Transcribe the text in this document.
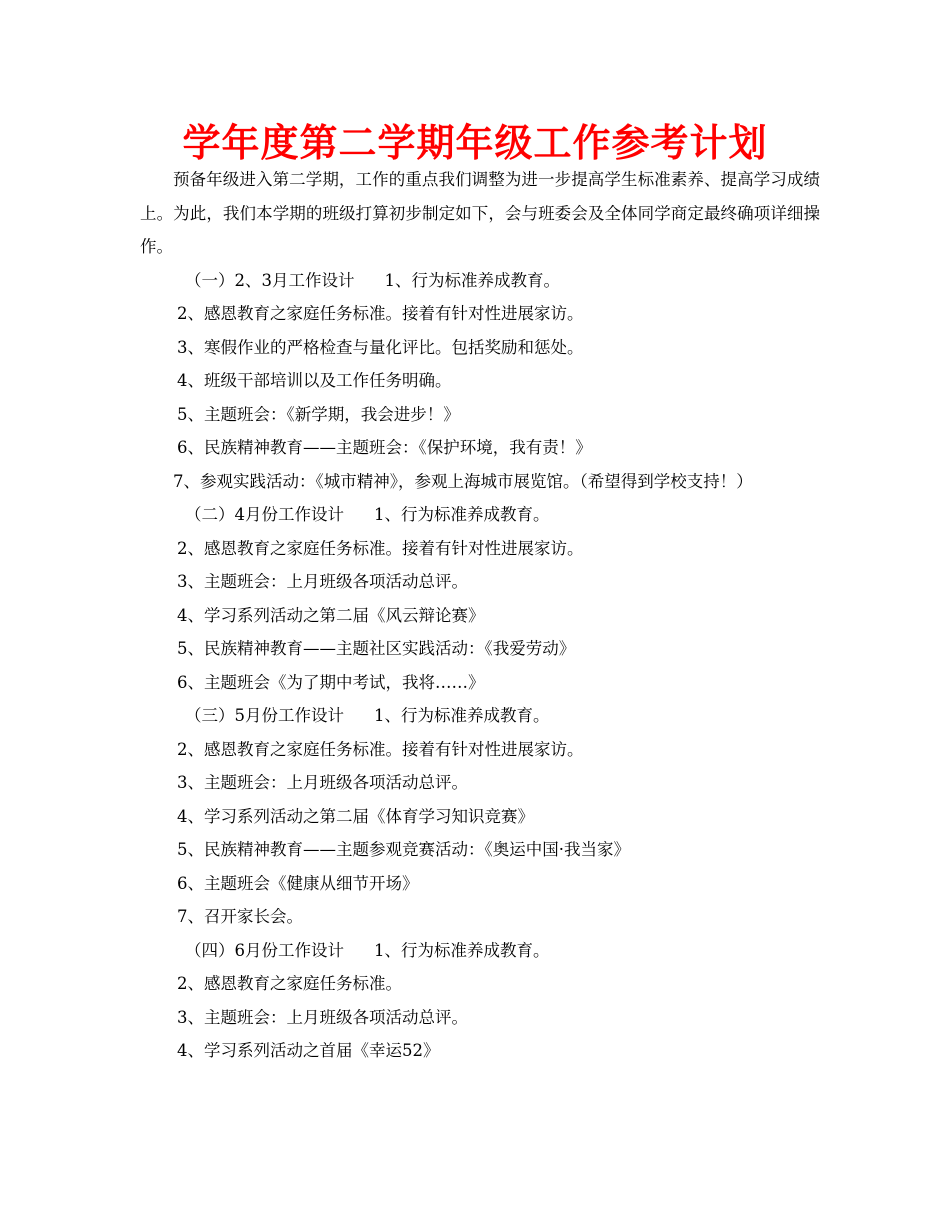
学年度第二学期年级工作参考计划

预备年级进入第二学期，工作的重点我们调整为进一步提高学生标准素养、提高学习成绩上。为此，我们本学期的班级打算初步制定如下，会与班委会及全体同学商定最终确项详细操作。

（一）2、3月工作设计 1、行为标准养成教育。

2、感恩教育之家庭任务标准。接着有针对性进展家访。

3、寒假作业的严格检查与量化评比。包括奖励和惩处。

4、班级干部培训以及工作任务明确。

5、主题班会：《新学期，我会进步！》

6、民族精神教育——主题班会：《保护环境，我有责！》

7、参观实践活动：《城市精神》，参观上海城市展览馆。（希望得到学校支持！）

（二）4月份工作设计 1、行为标准养成教育。

2、感恩教育之家庭任务标准。接着有针对性进展家访。

3、主题班会：上月班级各项活动总评。

4、学习系列活动之第二届《风云辩论赛》

5、民族精神教育——主题社区实践活动：《我爱劳动》

6、主题班会《为了期中考试，我将……》

（三）5月份工作设计 1、行为标准养成教育。

2、感恩教育之家庭任务标准。接着有针对性进展家访。

3、主题班会：上月班级各项活动总评。

4、学习系列活动之第二届《体育学习知识竞赛》

5、民族精神教育——主题参观竞赛活动：《奥运中国·我当家》

6、主题班会《健康从细节开场》

7、召开家长会。

（四）6月份工作设计 1、行为标准养成教育。

2、感恩教育之家庭任务标准。

3、主题班会：上月班级各项活动总评。

4、学习系列活动之首届《幸运52》
